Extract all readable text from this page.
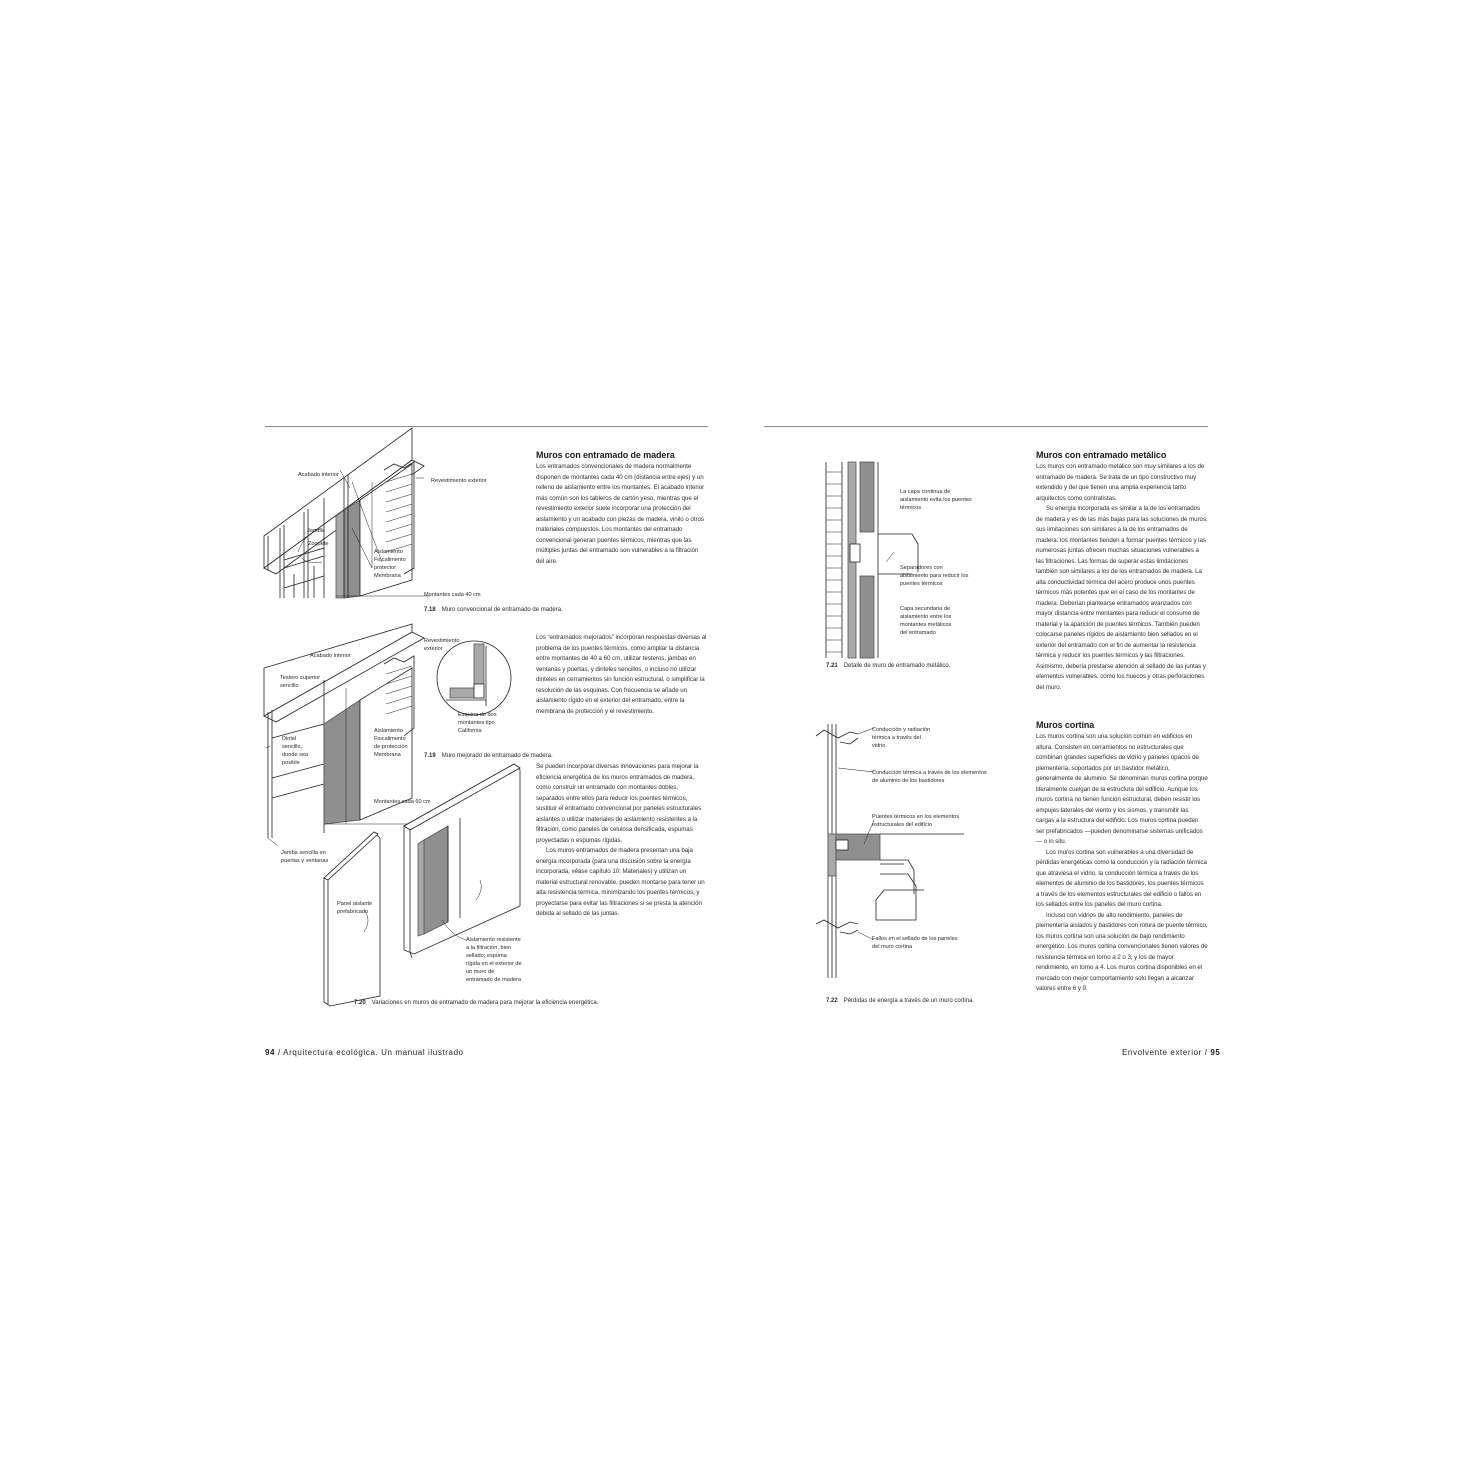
Muros con entramado de madera

Los entramados convencionales de madera normalmente disponen de montantes cada 40 cm (distancia entre ejes) y un relleno de aislamiento entre los montantes. El acabado interior más común son los tableros de cartón yeso, mientras que el revestimiento exterior suele incorporar una protección del aislamiento y un acabado con piezas de madera, vinilo o otros materiales compuestos. Los montantes del entramado convencional generan puentes térmicos, mientras que las múltiples juntas del entramado son vulnerables a la filtración del aire.

Los “entramados mejorados” incorporan respuestas diversas al problema de los puentes térmicos, como ampliar la distancia entre montantes de 40 a 60 cm, utilizar testeros, jambas en ventanas y puertas, y dinteles sencillos, o incluso no utilizar dinteles en cerramientos sin función estructural, o simplificar la resolución de las esquinas. Con frecuencia se añade un aislamiento rígido en el exterior del entramado, entre la membrana de protección y el revestimiento.

Se pueden incorporar diversas innovaciones para mejorar la eficiencia energética de los muros entramados de madera, como construir un entramado con montantes dobles, separados entre ellos para reducir los puentes térmicos, sustituir el entramado convencional por paneles estructurales aislantes o utilizar materiales de aislamiento resistentes a la filtración, como paneles de celulosa densificada, espumas proyectadas o espumas rígidas.

Los muros entramados de madera presentan una baja energía incorporada (para una discusión sobre la energía incorporada, véase capítulo 10: Materiales) y utilizan un material estructural renovable, pueden montarse para tener un alta resistencia térmica, minimizando los puentes térmicos, y proyectarse para evitar las filtraciones si se presta la atención debida al sellado de las juntas.

Acabado interior
Revestimiento exterior
Jamba
Zoquete
Aislamiento
Fiocalimento
protector
Membrana
Montantes cada 40 cm
7.18 Muro convencional de entramado de madera.
Revestimiento exterior
Acabado interior
Testero superior sencillo
Dintel sencillo, donde sea posible
Aislamiento
Fiocalimento
de protección
Membrana
Esquina de dos montantes tipo California
7.19 Muro mejorado de entramado de madera.
Montantes cada 60 cm
Jamba sencilla en puertas y ventanas
Panel aislante prefabricado
Aislamiento resistente a la filtración, bien sellado; espuma rígida en el exterior de un muro de entramado de madera
7.20 Variaciones en muros de entramado de madera para mejorar la eficiencia energética.
94 / Arquitectura ecológica. Un manual ilustrado
La capa continua de aislamiento evita los puentes térmicos
Separadores con aislamiento para reducir los puentes térmicos
Capa secundaria de aislamiento entre los montantes metálicos del entramado
7.21 Detalle de muro de entramado metálico.
Conducción y radiación térmica a través del vidrio
Conducción térmica a través de los elementos de aluminio de los bastidores
Puentes térmicos en los elementos estructurales del edificio
Fallos en el sellado de los paneles del muro cortina
7.22 Pérdidas de energía a través de un muro cortina.
Muros con entramado metálico

Los muros con entramado metálico son muy similares a los de entramado de madera. Se trata de un tipo constructivo muy extendido y del que tienen una amplia experiencia tanto arquitectos como contratistas.

Su energía incorporada es similar a la de los entramados de madera y es de las más bajas para las soluciones de muros; sus limitaciones son similares a la de los entramados de madera: los montantes tienden a formar puentes térmicos y las numerosas juntas ofrecen muchas situaciones vulnerables a las filtraciones. Las formas de superar estas limitaciones también son similares a los de los entramados de madera. La alta conductividad térmica del acero produce unos puentes térmicos más potentes que en el caso de los montantes de madera. Deberían plantearse entramados avanzados con mayor distancia entre montantes para reducir el consumo de material y la aparición de puentes térmicos. También pueden colocarse paneles rígidos de aislamiento bien sellados en el exterior del entramado con el fin de aumentar la resistencia térmica y reducir los puentes térmicos y las filtraciones. Asimismo, debería prestarse atención al sellado de las juntas y elementos vulnerables, como los huecos y otras perforaciones del muro.

Muros cortina

Los muros cortina son una solución común en edificios en altura. Consisten en cerramientos no estructurales que combinan grandes superficies de vidrio y paneles opacos de plementería, soportados por un bastidor metálico, generalmente de aluminio. Se denominan muros cortina porque literalmente cuelgan de la estructura del edificio. Aunque los muros cortina no tienen función estructural, deben resistir los empujes laterales del viento y los sismos, y transmitir las cargas a la estructura del edificio. Los muros cortina pueden ser prefabricados —pueden denominarse sistemas unificados— o in situ.

Los muros cortina son vulnerables a una diversidad de pérdidas energéticas como la conducción y la radiación térmica que atraviesa el vidrio, la conducción térmica a través de los elementos de aluminio de los bastidores, los puentes térmicos a través de los elementos estructurales del edificio o fallos en los sellados entre los paneles del muro cortina.

Incluso con vidrios de alto rendimiento, paneles de plementería aislados y bastidores con rotura de puente térmico, los muros cortina son una solución de bajo rendimiento energético. Los muros cortina convencionales tienen valores de resistencia térmica en torno a 2 o 3, y los de mayor rendimiento, en torno a 4. Los muros cortina disponibles en el mercado con mejor comportamiento solo llegan a alcanzar valores entre 6 y 9.

Envolvente exterior / 95
